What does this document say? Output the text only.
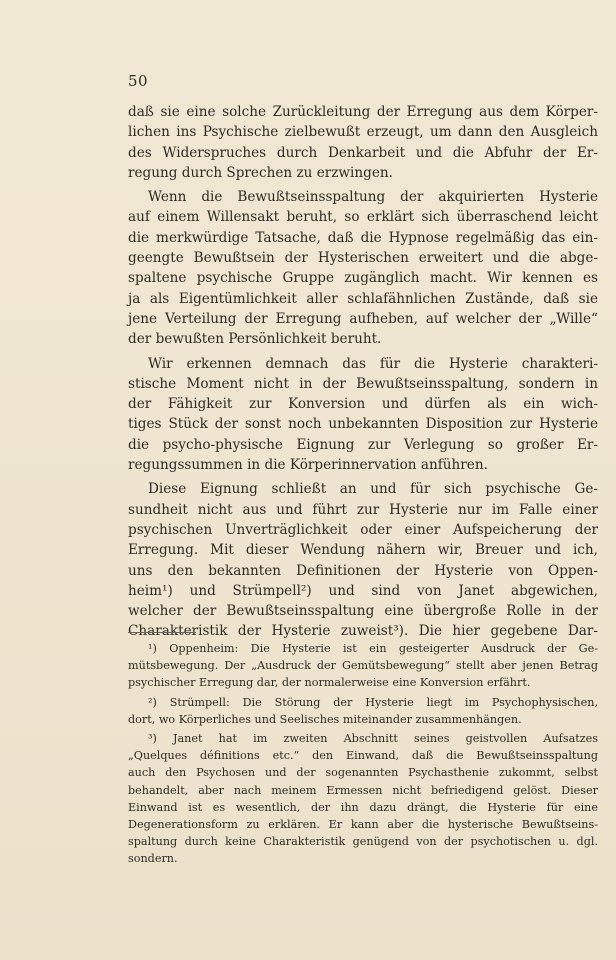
50

daß sie eine solche Zurückleitung der Erregung aus dem Körper-
lichen ins Psychische zielbewußt erzeugt, um dann den Ausgleich
des Widerspruches durch Denkarbeit und die Abfuhr der Er-
regung durch Sprechen zu erzwingen.

Wenn die Bewußtseinsspaltung der akquirierten Hysterie
auf einem Willensakt beruht, so erklärt sich überraschend leicht
die merkwürdige Tatsache, daß die Hypnose regelmäßig das ein-
geengte Bewußtsein der Hysterischen erweitert und die abge-
spaltene psychische Gruppe zugänglich macht. Wir kennen es
ja als Eigentümlichkeit aller schlafähnlichen Zustände, daß sie
jene Verteilung der Erregung aufheben, auf welcher der „Wille“
der bewußten Persönlichkeit beruht.

Wir erkennen demnach das für die Hysterie charakteri-
stische Moment nicht in der Bewußtseinsspaltung, sondern in
der Fähigkeit zur Konversion und dürfen als ein wich-
tiges Stück der sonst noch unbekannten Disposition zur Hysterie
die psycho-physische Eignung zur Verlegung so großer Er-
regungssummen in die Körperinnervation anführen.

Diese Eignung schließt an und für sich psychische Ge-
sundheit nicht aus und führt zur Hysterie nur im Falle einer
psychischen Unverträglichkeit oder einer Aufspeicherung der
Erregung. Mit dieser Wendung nähern wir, Breuer und ich,
uns den bekannten Definitionen der Hysterie von Oppen-
heim¹) und Strümpell²) und sind von Janet abgewichen,
welcher der Bewußtseinsspaltung eine übergroße Rolle in der
Charakteristik der Hysterie zuweist³). Die hier gegebene Dar-

¹) Oppenheim: Die Hysterie ist ein gesteigerter Ausdruck der Ge-
mütsbewegung. Der „Ausdruck der Gemütsbewegung“ stellt aber jenen Betrag
psychischer Erregung dar, der normalerweise eine Konversion erfährt.

²) Strümpell: Die Störung der Hysterie liegt im Psychophysischen,
dort, wo Körperliches und Seelisches miteinander zusammenhängen.

³) Janet hat im zweiten Abschnitt seines geistvollen Aufsatzes
„Quelques définitions etc.“ den Einwand, daß die Bewußtseinsspaltung
auch den Psychosen und der sogenannten Psychasthenie zukommt, selbst
behandelt, aber nach meinem Ermessen nicht befriedigend gelöst. Dieser
Einwand ist es wesentlich, der ihn dazu drängt, die Hysterie für eine
Degenerationsform zu erklären. Er kann aber die hysterische Bewußtseins-
spaltung durch keine Charakteristik genügend von der psychotischen u. dgl.
sondern.
